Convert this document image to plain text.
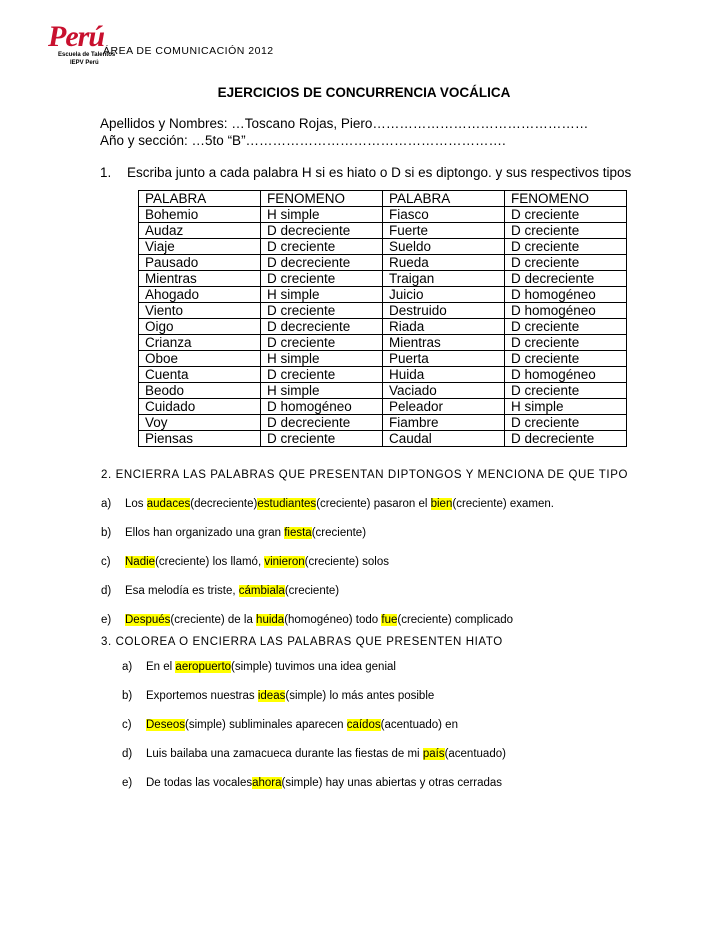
Perú
Escuela de Talentos
IEPV Perú
ÁREA DE COMUNICACIÓN 2012
EJERCICIOS DE CONCURRENCIA VOCÁLICA
Apellidos y Nombres: …Toscano Rojas, Piero…………………………………………
Año y sección: …5to “B”………………………………………………….
1. Escriba junto a cada palabra H si es hiato o D si es diptongo. y sus respectivos tipos
PALABRA	FENOMENO	PALABRA	FENOMENO
Bohemio	H simple	Fiasco	D creciente
Audaz	D decreciente	Fuerte	D creciente
Viaje	D creciente	Sueldo	D creciente
Pausado	D decreciente	Rueda	D creciente
Mientras	D creciente	Traigan	D decreciente
Ahogado	H simple	Juicio	D homogéneo
Viento	D creciente	Destruido	D homogéneo
Oigo	D decreciente	Riada	D creciente
Crianza	D creciente	Mientras	D creciente
Oboe	H simple	Puerta	D creciente
Cuenta	D creciente	Huida	D homogéneo
Beodo	H simple	Vaciado	D creciente
Cuidado	D homogéneo	Peleador	H simple
Voy	D decreciente	Fiambre	D creciente
Piensas	D creciente	Caudal	D decreciente
2. ENCIERRA LAS PALABRAS QUE PRESENTAN DIPTONGOS Y MENCIONA DE QUE TIPO
a) Los audaces(decreciente)estudiantes(creciente) pasaron el bien(creciente) examen.
b) Ellos han organizado una gran fiesta(creciente)
c) Nadie(creciente) los llamó, vinieron(creciente) solos
d) Esa melodía es triste, cámbiala(creciente)
e) Después(creciente) de la huida(homogéneo) todo fue(creciente) complicado
3. COLOREA O ENCIERRA LAS PALABRAS QUE PRESENTEN HIATO
a) En el aeropuerto(simple) tuvimos una idea genial
b) Exportemos nuestras ideas(simple) lo más antes posible
c) Deseos(simple) subliminales aparecen caídos(acentuado) en
d) Luis bailaba una zamacueca durante las fiestas de mi país(acentuado)
e) De todas las vocalesahora(simple) hay unas abiertas y otras cerradas
